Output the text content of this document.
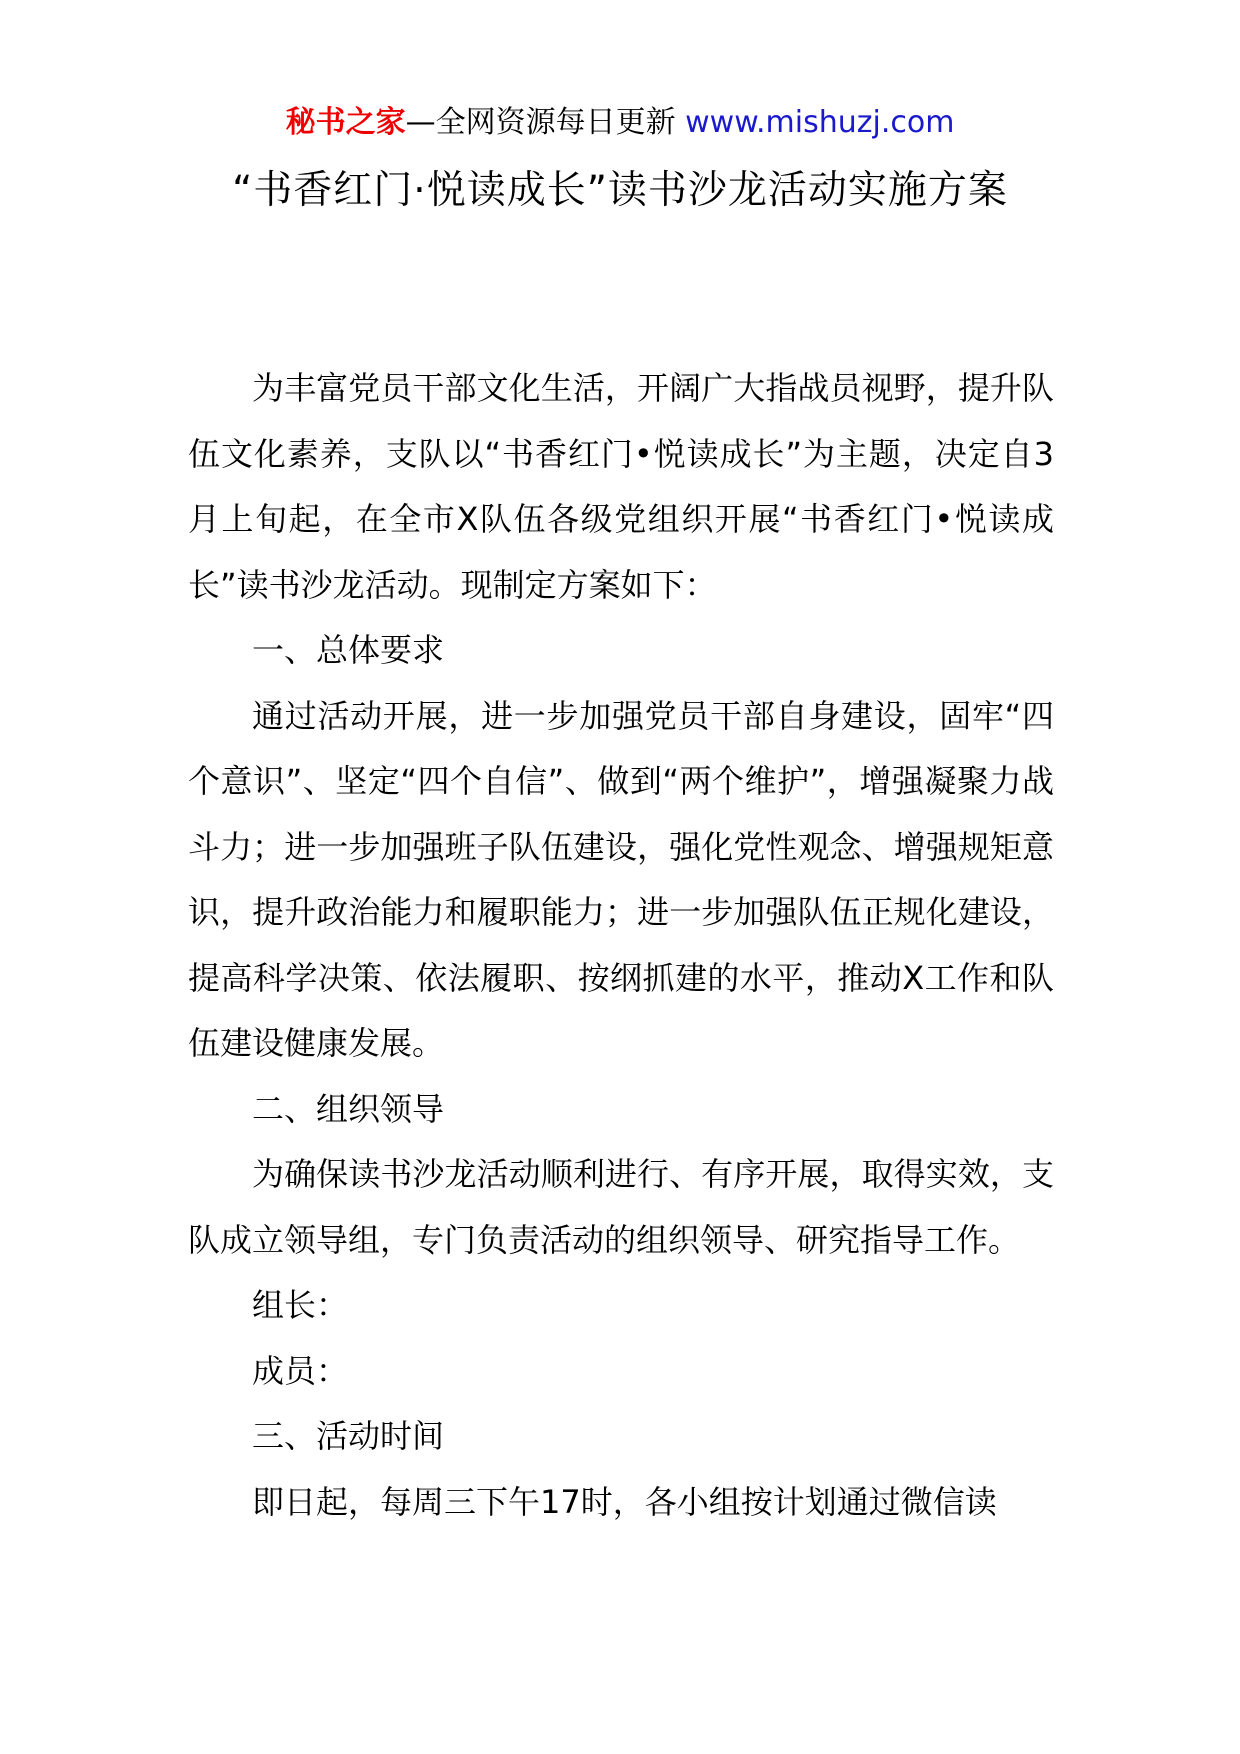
秘书之家—全网资源每日更新 www.mishuzj.com
“书香红门·悦读成长”读书沙龙活动实施方案

为丰富党员干部文化生活，开阔广大指战员视野，提升队伍文化素养，支队以“书香红门•悦读成长”为主题，决定自3月上旬起，在全市X队伍各级党组织开展“书香红门•悦读成长”读书沙龙活动。现制定方案如下：

一、总体要求

通过活动开展，进一步加强党员干部自身建设，固牢“四个意识”、坚定“四个自信”、做到“两个维护”，增强凝聚力战斗力；进一步加强班子队伍建设，强化党性观念、增强规矩意识，提升政治能力和履职能力；进一步加强队伍正规化建设，提高科学决策、依法履职、按纲抓建的水平，推动X工作和队伍建设健康发展。

二、组织领导

为确保读书沙龙活动顺利进行、有序开展，取得实效，支队成立领导组，专门负责活动的组织领导、研究指导工作。

组长：

成员：

三、活动时间

即日起，每周三下午17时，各小组按计划通过微信读
